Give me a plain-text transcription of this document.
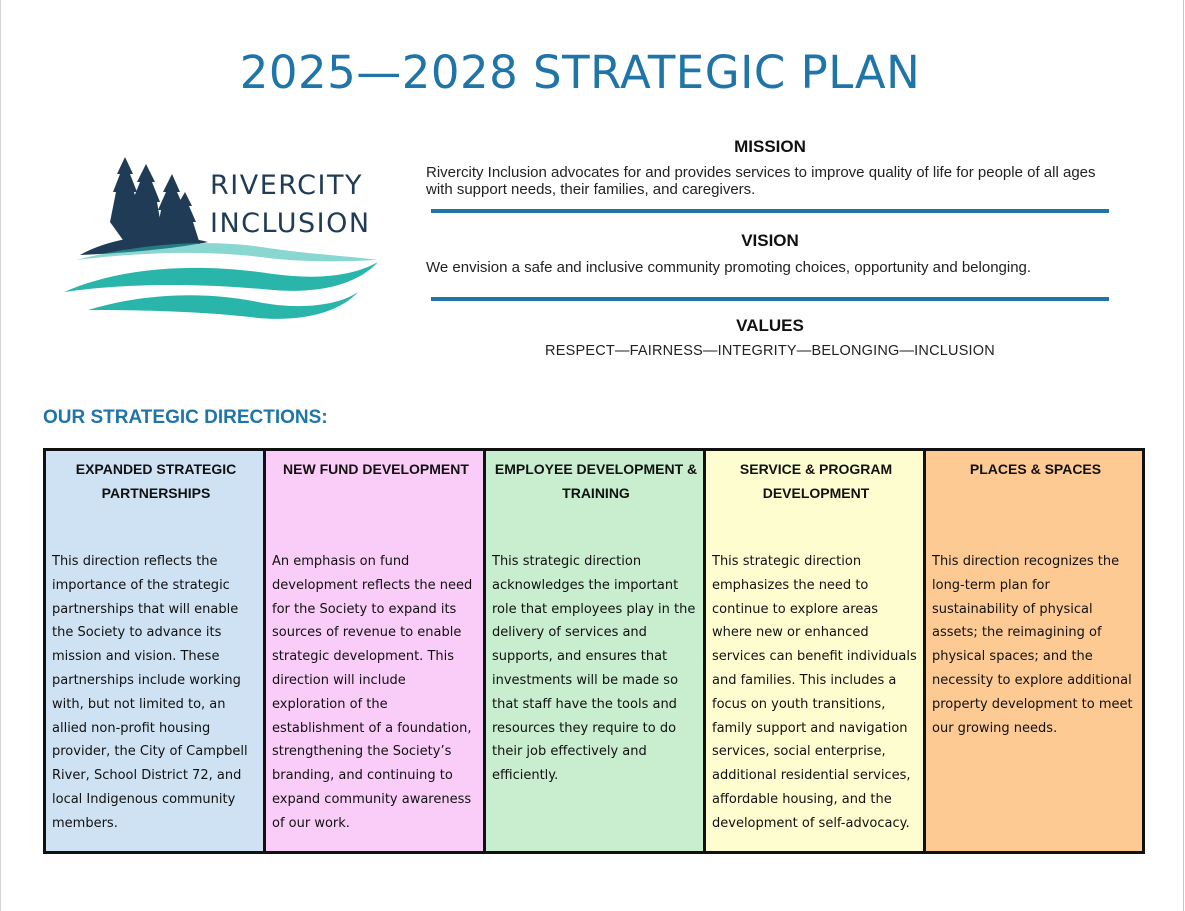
2025—2028 STRATEGIC PLAN
RIVERCITY
INCLUSION
MISSION
Rivercity Inclusion advocates for and provides services to improve quality of life for people of all ages with support needs, their families, and caregivers.
VISION
We envision a safe and inclusive community promoting choices, opportunity and belonging.
VALUES
RESPECT—FAIRNESS—INTEGRITY—BELONGING—INCLUSION
OUR STRATEGIC DIRECTIONS:
EXPANDED STRATEGIC PARTNERSHIPS
This direction reflects the importance of the strategic partnerships that will enable the Society to advance its mission and vision. These partnerships include working with, but not limited to, an allied non-profit housing provider, the City of Campbell River, School District 72, and local Indigenous community members.
NEW FUND DEVELOPMENT
An emphasis on fund development reflects the need for the Society to expand its sources of revenue to enable strategic development. This direction will include exploration of the establishment of a foundation, strengthening the Society’s branding, and continuing to expand community awareness of our work.
EMPLOYEE DEVELOPMENT & TRAINING
This strategic direction acknowledges the important role that employees play in the delivery of services and supports, and ensures that investments will be made so that staff have the tools and resources they require to do their job effectively and efficiently.
SERVICE & PROGRAM DEVELOPMENT
This strategic direction emphasizes the need to continue to explore areas where new or enhanced services can benefit individuals and families. This includes a focus on youth transitions, family support and navigation services, social enterprise, additional residential services, affordable housing, and the development of self-advocacy.
PLACES & SPACES
This direction recognizes the long-term plan for sustainability of physical assets; the reimagining of physical spaces; and the necessity to explore additional property development to meet our growing needs.
